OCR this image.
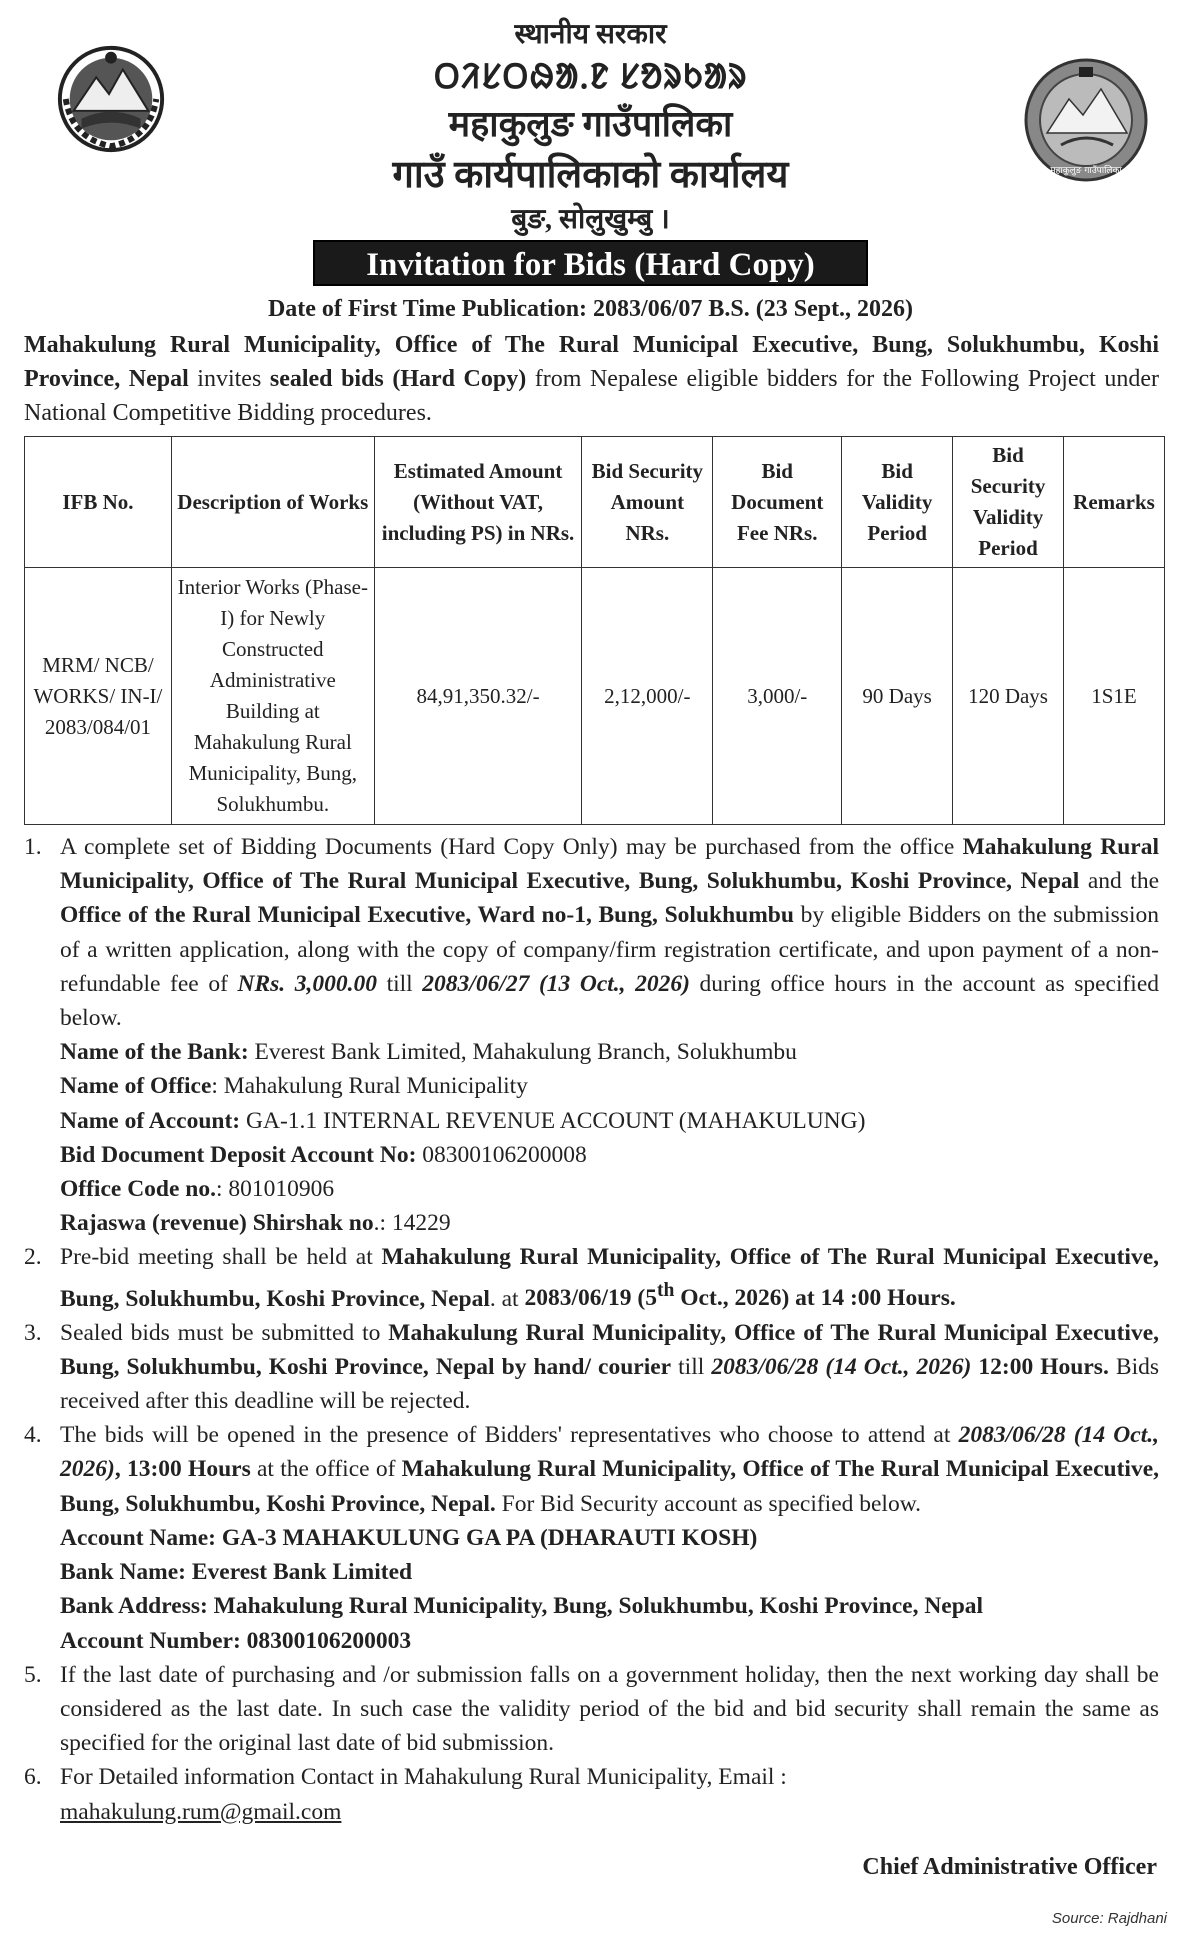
स्थानीय सरकार
ᱛᱤᱥᱛᱷᱟᱹᱱ ᱥᱚᱨᱠᱟᱨ
महाकुलुङ गाउँपालिका
गाउँ कार्यपालिकाको कार्यालय
बुङ, सोलुखुम्बु ।
महाकुलुङ गाउँपालिका
Invitation for Bids (Hard Copy)
Date of First Time Publication: 2083/06/07 B.S. (23 Sept., 2026)

Mahakulung Rural Municipality, Office of The Rural Municipal Executive, Bung, Solukhumbu, Koshi Province, Nepal invites sealed bids (Hard Copy) from Nepalese eligible bidders for the Following Project under National Competitive Bidding procedures.

IFB No.	Description of Works	Estimated Amount (Without VAT, including PS) in NRs.	Bid Security Amount NRs.	Bid Document Fee NRs.	Bid Validity Period	Bid Security Validity Period	Remarks
MRM/ NCB/ WORKS/ IN-I/ 2083/084/01	Interior Works (Phase-I) for Newly Constructed Administrative Building at Mahakulung Rural Municipality, Bung, Solukhumbu.	84,91,350.32/-	2,12,000/-	3,000/-	90 Days	120 Days	1S1E
1. A complete set of Bidding Documents (Hard Copy Only) may be purchased from the office Mahakulung Rural Municipality, Office of The Rural Municipal Executive, Bung, Solukhumbu, Koshi Province, Nepal and the Office of the Rural Municipal Executive, Ward no-1, Bung, Solukhumbu by eligible Bidders on the submission of a written application, along with the copy of company/firm registration certificate, and upon payment of a non-refundable fee of NRs. 3,000.00 till 2083/06/27 (13 Oct., 2026) during office hours in the account as specified below.
Name of the Bank: Everest Bank Limited, Mahakulung Branch, Solukhumbu
Name of Office: Mahakulung Rural Municipality
Name of Account: GA-1.1 INTERNAL REVENUE ACCOUNT (MAHAKULUNG)
Bid Document Deposit Account No: 08300106200008
Office Code no.: 801010906
Rajaswa (revenue) Shirshak no.: 14229
2. Pre-bid meeting shall be held at Mahakulung Rural Municipality, Office of The Rural Municipal Executive, Bung, Solukhumbu, Koshi Province, Nepal. at 2083/06/19 (5th Oct., 2026) at 14 :00 Hours.
3. Sealed bids must be submitted to Mahakulung Rural Municipality, Office of The Rural Municipal Executive, Bung, Solukhumbu, Koshi Province, Nepal by hand/ courier till 2083/06/28 (14 Oct., 2026) 12:00 Hours. Bids received after this deadline will be rejected.
4. The bids will be opened in the presence of Bidders' representatives who choose to attend at 2083/06/28 (14 Oct., 2026), 13:00 Hours at the office of Mahakulung Rural Municipality, Office of The Rural Municipal Executive, Bung, Solukhumbu, Koshi Province, Nepal. For Bid Security account as specified below.
Account Name: GA-3 MAHAKULUNG GA PA (DHARAUTI KOSH)
Bank Name: Everest Bank Limited
Bank Address: Mahakulung Rural Municipality, Bung, Solukhumbu, Koshi Province, Nepal
Account Number: 08300106200003
5. If the last date of purchasing and /or submission falls on a government holiday, then the next working day shall be considered as the last date. In such case the validity period of the bid and bid security shall remain the same as specified for the original last date of bid submission.
6. For Detailed information Contact in Mahakulung Rural Municipality, Email :
mahakulung.rum@gmail.com
Chief Administrative Officer
Source: Rajdhani
